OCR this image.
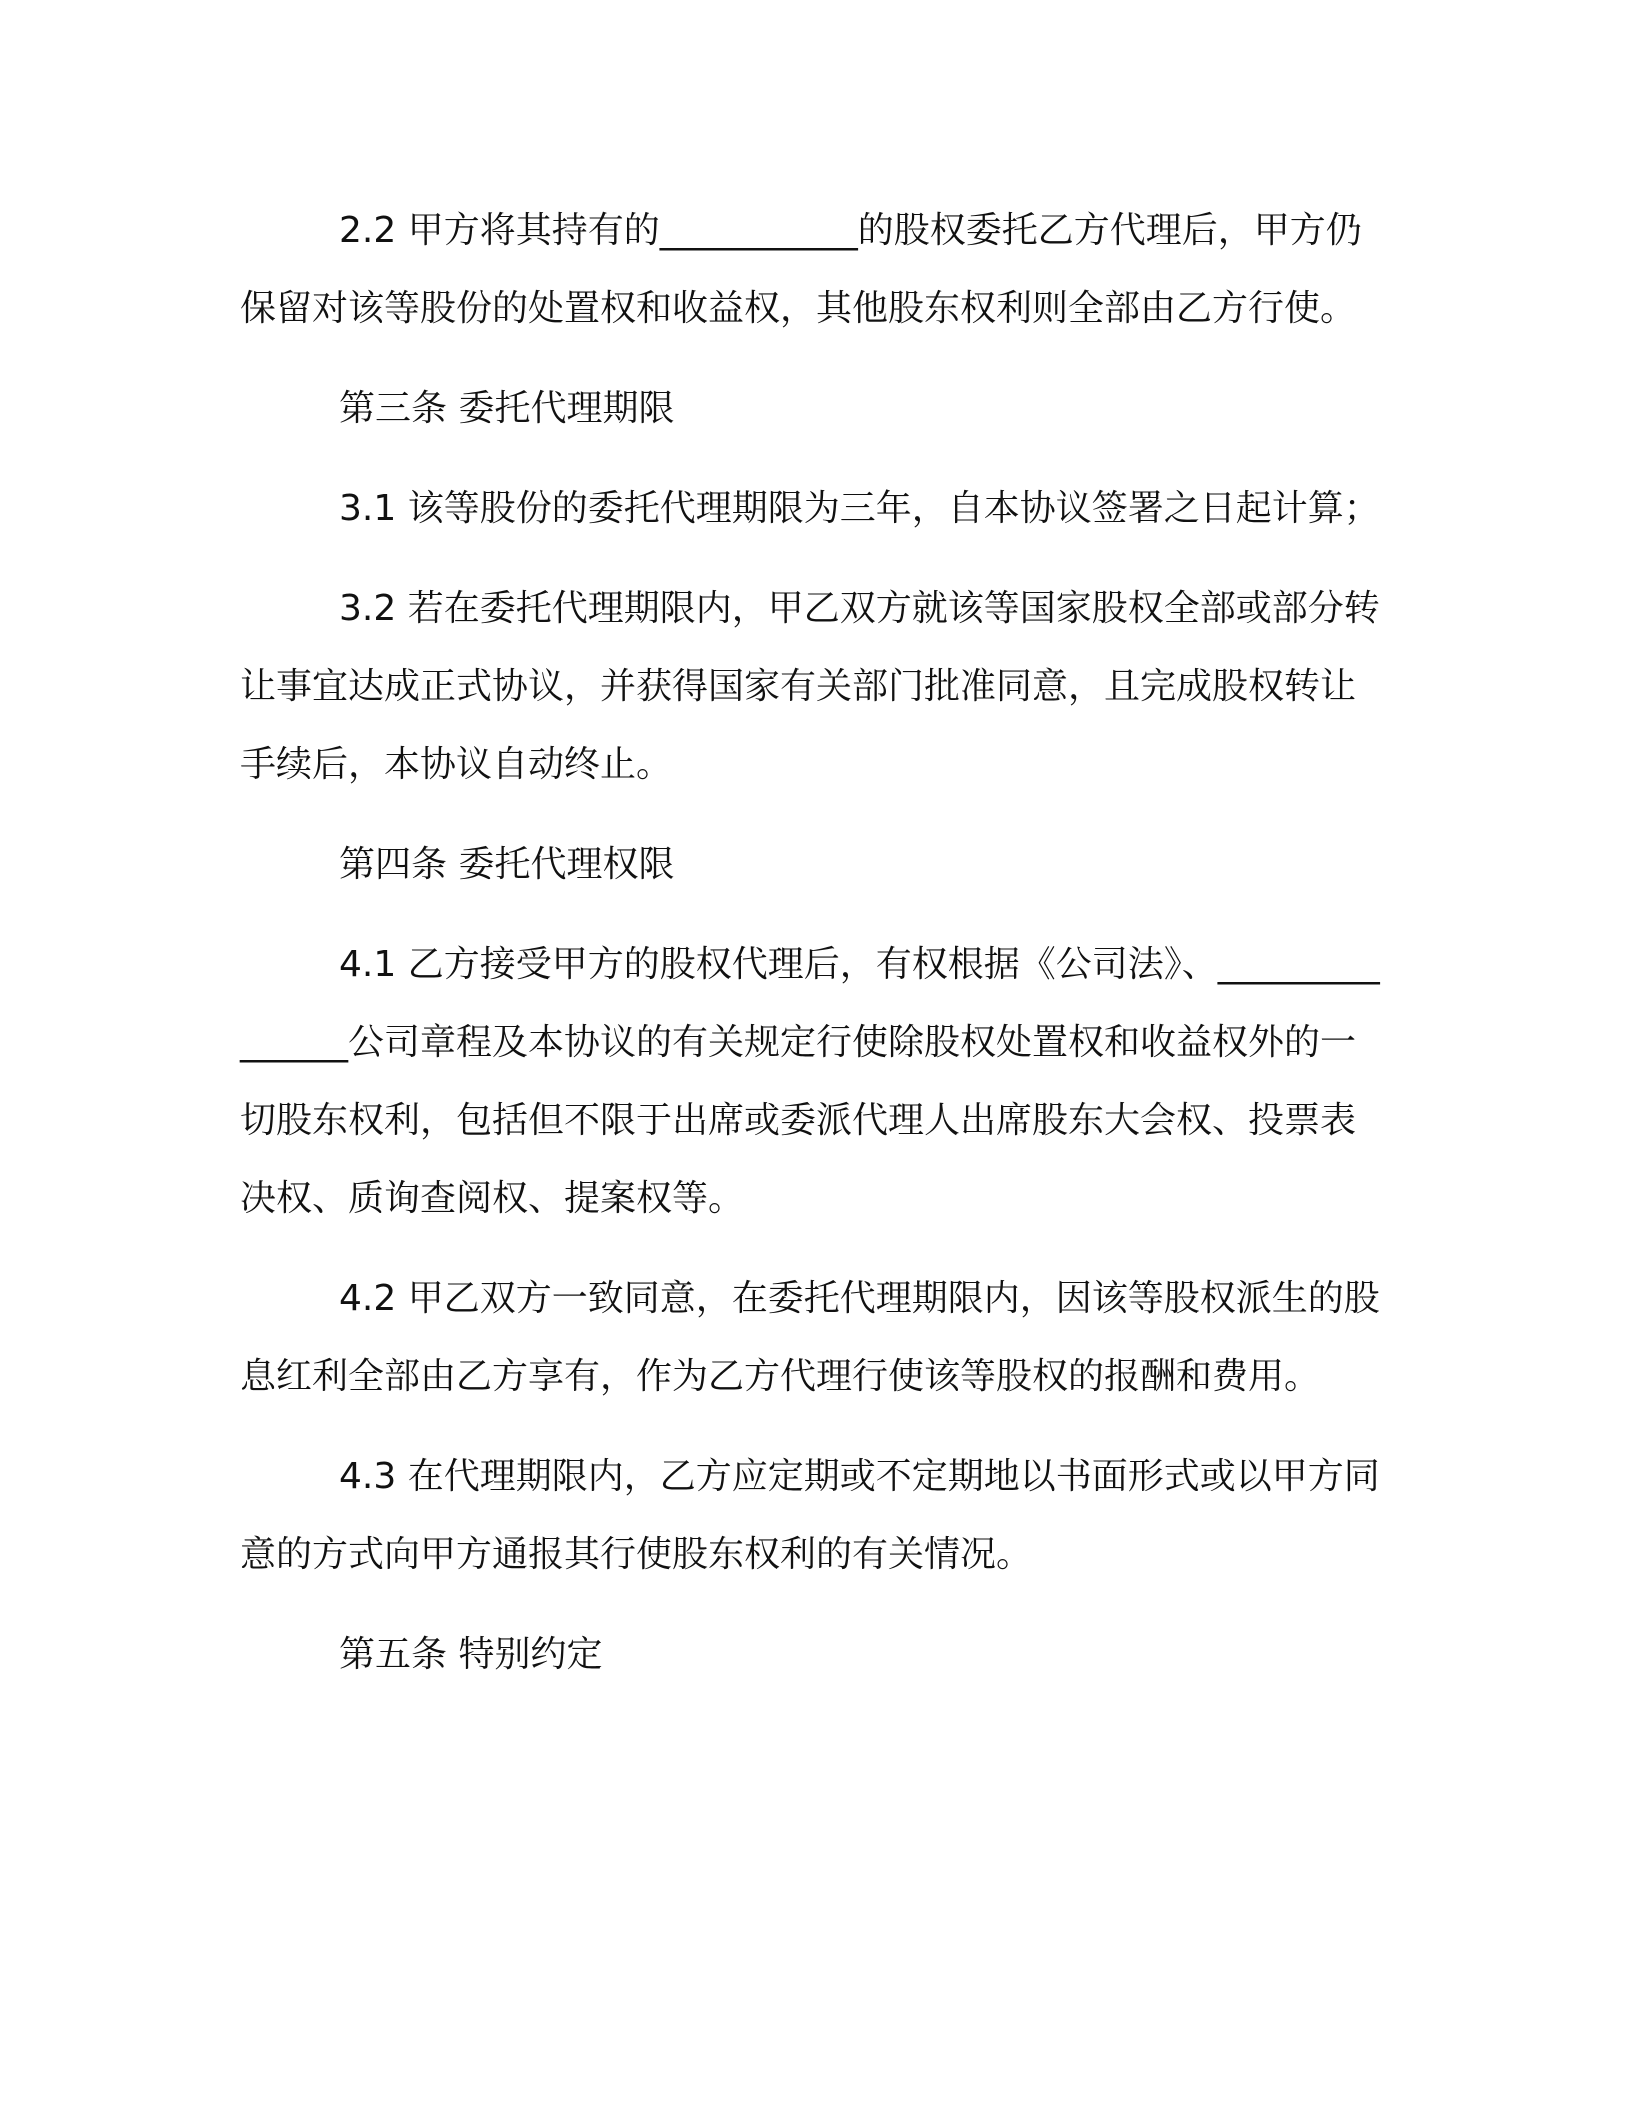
2.2 甲方将其持有的___________的股权委托乙方代理后，甲方仍保留对该等股份的处置权和收益权，其他股东权利则全部由乙方行使。

第三条 委托代理期限

3.1 该等股份的委托代理期限为三年，自本协议签署之日起计算；

3.2 若在委托代理期限内，甲乙双方就该等国家股权全部或部分转让事宜达成正式协议，并获得国家有关部门批准同意，且完成股权转让手续后，本协议自动终止。

第四条 委托代理权限

4.1 乙方接受甲方的股权代理后，有权根据《公司法》、_______________公司章程及本协议的有关规定行使除股权处置权和收益权外的一切股东权利，包括但不限于出席或委派代理人出席股东大会权、投票表决权、质询查阅权、提案权等。

4.2 甲乙双方一致同意，在委托代理期限内，因该等股权派生的股息红利全部由乙方享有，作为乙方代理行使该等股权的报酬和费用。

4.3 在代理期限内，乙方应定期或不定期地以书面形式或以甲方同意的方式向甲方通报其行使股东权利的有关情况。

第五条 特别约定
